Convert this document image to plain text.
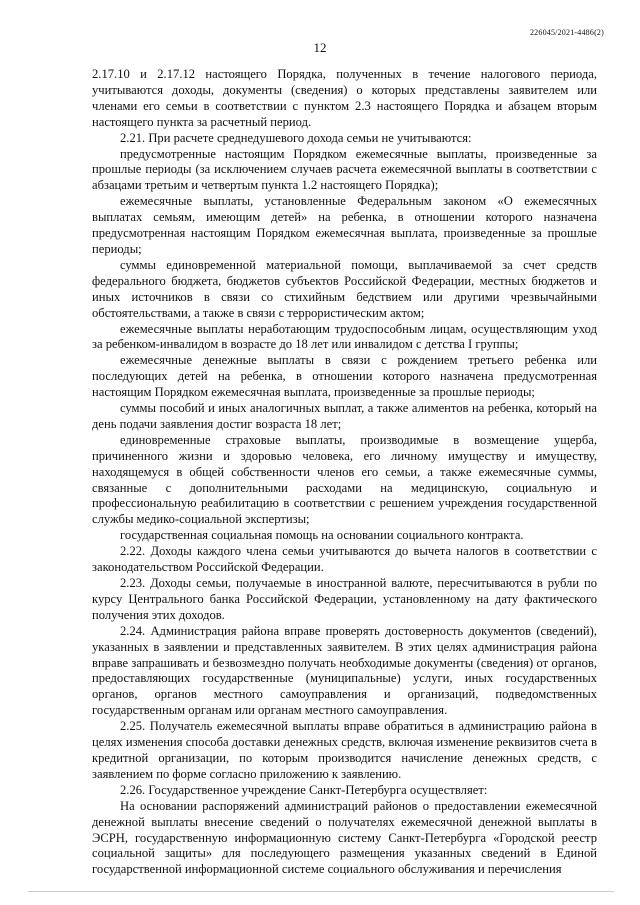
226045/2021-4486(2)
12

2.17.10 и 2.17.12 настоящего Порядка, полученных в течение налогового периода, учитываются доходы, документы (сведения) о которых представлены заявителем или членами его семьи в соответствии с пунктом 2.3 настоящего Порядка и абзацем вторым настоящего пункта за расчетный период.

2.21. При расчете среднедушевого дохода семьи не учитываются:

предусмотренные настоящим Порядком ежемесячные выплаты, произведенные за прошлые периоды (за исключением случаев расчета ежемесячной выплаты в соответствии с абзацами третьим и четвертым пункта 1.2 настоящего Порядка);

ежемесячные выплаты, установленные Федеральным законом «О ежемесячных выплатах семьям, имеющим детей» на ребенка, в отношении которого назначена предусмотренная настоящим Порядком ежемесячная выплата, произведенные за прошлые периоды;

суммы единовременной материальной помощи, выплачиваемой за счет средств федерального бюджета, бюджетов субъектов Российской Федерации, местных бюджетов и иных источников в связи со стихийным бедствием или другими чрезвычайными обстоятельствами, а также в связи с террористическим актом;

ежемесячные выплаты неработающим трудоспособным лицам, осуществляющим уход за ребенком-инвалидом в возрасте до 18 лет или инвалидом с детства I группы;

ежемесячные денежные выплаты в связи с рождением третьего ребенка или последующих детей на ребенка, в отношении которого назначена предусмотренная настоящим Порядком ежемесячная выплата, произведенные за прошлые периоды;

суммы пособий и иных аналогичных выплат, а также алиментов на ребенка, который на день подачи заявления достиг возраста 18 лет;

единовременные страховые выплаты, производимые в возмещение ущерба, причиненного жизни и здоровью человека, его личному имуществу и имуществу, находящемуся в общей собственности членов его семьи, а также ежемесячные суммы, связанные с дополнительными расходами на медицинскую, социальную и профессиональную реабилитацию в соответствии с решением учреждения государственной службы медико-социальной экспертизы;

государственная социальная помощь на основании социального контракта.

2.22. Доходы каждого члена семьи учитываются до вычета налогов в соответствии с законодательством Российской Федерации.

2.23. Доходы семьи, получаемые в иностранной валюте, пересчитываются в рубли по курсу Центрального банка Российской Федерации, установленному на дату фактического получения этих доходов.

2.24. Администрация района вправе проверять достоверность документов (сведений), указанных в заявлении и представленных заявителем. В этих целях администрация района вправе запрашивать и безвозмездно получать необходимые документы (сведения) от органов, предоставляющих государственные (муниципальные) услуги, иных государственных органов, органов местного самоуправления и организаций, подведомственных государственным органам или органам местного самоуправления.

2.25. Получатель ежемесячной выплаты вправе обратиться в администрацию района в целях изменения способа доставки денежных средств, включая изменение реквизитов счета в кредитной организации, по которым производится начисление денежных средств, с заявлением по форме согласно приложению к заявлению.

2.26. Государственное учреждение Санкт-Петербурга осуществляет:

На основании распоряжений администраций районов о предоставлении ежемесячной денежной выплаты внесение сведений о получателях ежемесячной денежной выплаты в ЭСРН, государственную информационную систему Санкт-Петербурга «Городской реестр социальной защиты» для последующего размещения указанных сведений в Единой государственной информационной системе социального обслуживания и перечисления
